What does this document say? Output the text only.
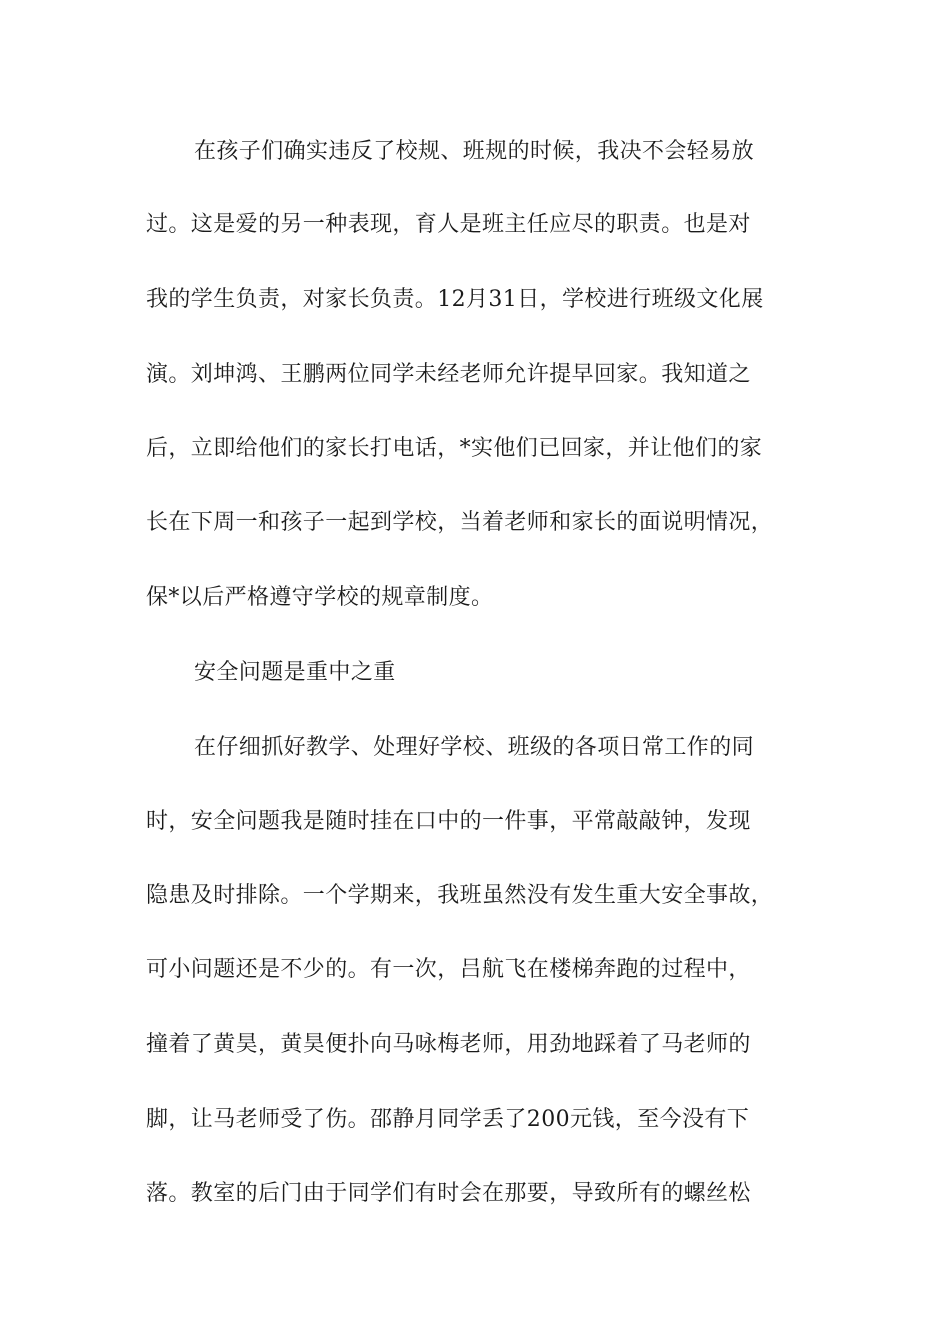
在孩子们确实违反了校规、班规的时候，我决不会轻易放
过。这是爱的另一种表现，育人是班主任应尽的职责。也是对
我的学生负责，对家长负责。12月31日，学校进行班级文化展
演。刘坤鸿、王鹏两位同学未经老师允许提早回家。我知道之
后，立即给他们的家长打电话，*实他们已回家，并让他们的家
长在下周一和孩子一起到学校，当着老师和家长的面说明情况，
保*以后严格遵守学校的规章制度。
安全问题是重中之重
在仔细抓好教学、处理好学校、班级的各项日常工作的同
时，安全问题我是随时挂在口中的一件事，平常敲敲钟，发现
隐患及时排除。一个学期来，我班虽然没有发生重大安全事故，
可小问题还是不少的。有一次，吕航飞在楼梯奔跑的过程中，
撞着了黄昊，黄昊便扑向马咏梅老师，用劲地踩着了马老师的
脚，让马老师受了伤。邵静月同学丢了200元钱，至今没有下
落。教室的后门由于同学们有时会在那要，导致所有的螺丝松
